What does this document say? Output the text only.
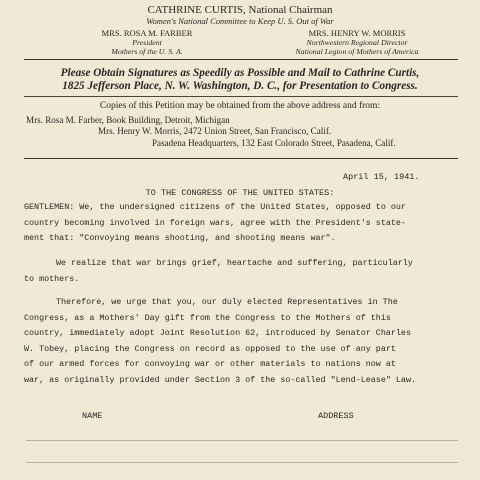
CATHRINE CURTIS, National Chairman
Women's National Committee to Keep U. S. Out of War
MRS. ROSA M. FARBER
President
Mothers of the U. S. A.
MRS. HENRY W. MORRIS
Northwestern Regional Director
National Legion of Mothers of America
Please Obtain Signatures as Speedily as Possible and Mail to Cathrine Curtis,
1825 Jefferson Place, N. W. Washington, D. C., for Presentation to Congress.
Copies of this Petition may be obtained from the above address and from:
Mrs. Rosa M. Farber, Book Building, Detroit, Michigan
Mrs. Henry W. Morris, 2472 Union Street, San Francisco, Calif.
Pasadena Headquarters, 132 East Colorado Street, Pasadena, Calif.
April 15, 1941.
TO THE CONGRESS OF THE UNITED STATES:
GENTLEMEN: We, the undersigned citizens of the United States, opposed to our
country becoming involved in foreign wars, agree with the President's state-
ment that: "Convoying means shooting, and shooting means war".
We realize that war brings grief, heartache and suffering, particularly
to mothers.
Therefore, we urge that you, our duly elected Representatives in The
Congress, as a Mothers' Day gift from the Congress to the Mothers of this
country, immediately adopt Joint Resolution 62, introduced by Senator Charles
W. Tobey, placing the Congress on record as opposed to the use of any part
of our armed forces for convoying war or other materials to nations now at
war, as originally provided under Section 3 of the so-called "Lend-Lease" Law.
NAME	ADDRESS
